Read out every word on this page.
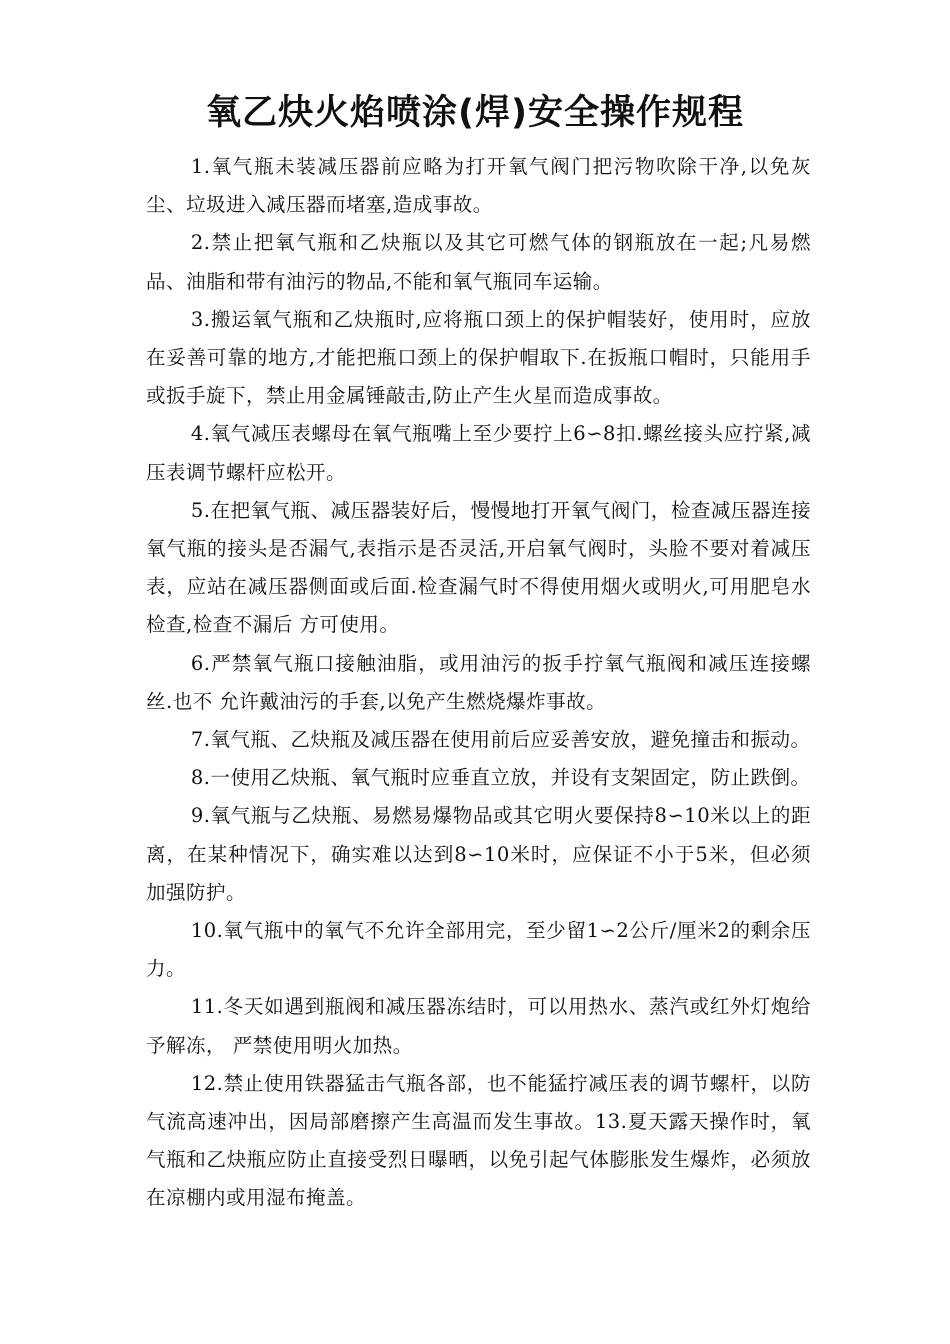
氧乙炔火焰喷涂(焊)安全操作规程

1.氧气瓶未装减压器前应略为打开氧气阀门把污物吹除干净,以免灰尘、垃圾进入减压器而堵塞,造成事故。

2.禁止把氧气瓶和乙炔瓶以及其它可燃气体的钢瓶放在一起;凡易燃品、油脂和带有油污的物品,不能和氧气瓶同车运输。

3.搬运氧气瓶和乙炔瓶时,应将瓶口颈上的保护帽装好，使用时，应放在妥善可靠的地方,才能把瓶口颈上的保护帽取下.在扳瓶口帽时，只能用手或扳手旋下，禁止用金属锤敲击,防止产生火星而造成事故。

4.氧气减压表螺母在氧气瓶嘴上至少要拧上6∽8扣.螺丝接头应拧紧,减压表调节螺杆应松开。

5.在把氧气瓶、减压器装好后，慢慢地打开氧气阀门，检查减压器连接氧气瓶的接头是否漏气,表指示是否灵活,开启氧气阀时，头脸不要对着减压表，应站在减压器侧面或后面.检查漏气时不得使用烟火或明火,可用肥皂水检查,检查不漏后 方可使用。

6.严禁氧气瓶口接触油脂，或用油污的扳手拧氧气瓶阀和减压连接螺丝.也不 允许戴油污的手套,以免产生燃烧爆炸事故。

7.氧气瓶、乙炔瓶及减压器在使用前后应妥善安放，避免撞击和振动。

8.一使用乙炔瓶、氧气瓶时应垂直立放，并设有支架固定，防止跌倒。

9.氧气瓶与乙炔瓶、易燃易爆物品或其它明火要保持8∽10米以上的距离，在某种情况下，确实难以达到8∽10米时，应保证不小于5米，但必须加强防护。

10.氧气瓶中的氧气不允许全部用完，至少留1∽2公斤/厘米2的剩余压力。

11.冬天如遇到瓶阀和减压器冻结时，可以用热水、蒸汽或红外灯炮给予解冻， 严禁使用明火加热。

12.禁止使用铁器猛击气瓶各部，也不能猛拧减压表的调节螺杆，以防气流高速冲出，因局部磨擦产生高温而发生事故。13.夏天露天操作时，氧气瓶和乙炔瓶应防止直接受烈日曝晒，以免引起气体膨胀发生爆炸，必须放在凉棚内或用湿布掩盖。
